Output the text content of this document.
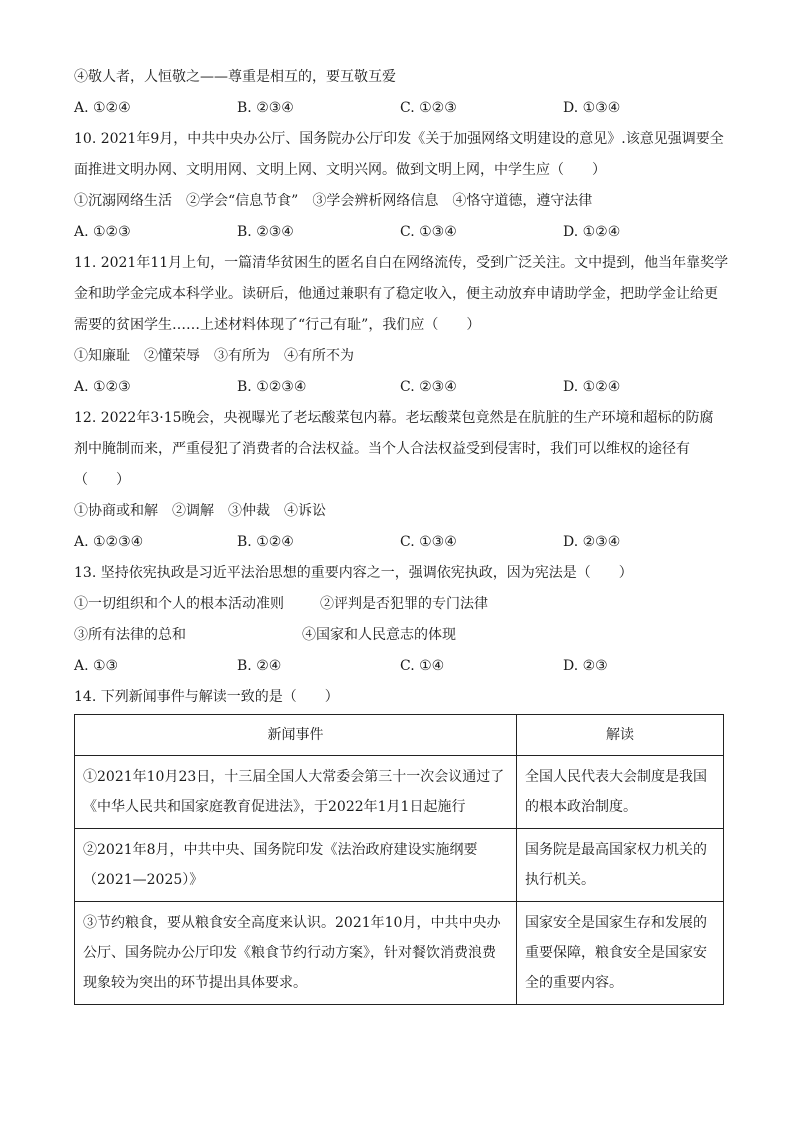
④敬人者，人恒敬之——尊重是相互的，要互敬互爱
A. ①②④	B. ②③④	C. ①②③	D. ①③④
10. 2021年9月，中共中央办公厅、国务院办公厅印发《关于加强网络文明建设的意见》.该意见强调要全
面推进文明办网、文明用网、文明上网、文明兴网。做到文明上网，中学生应（　　）
①沉溺网络生活　②学会“信息节食”　③学会辨析网络信息　④恪守道德，遵守法律
A. ①②③	B. ②③④	C. ①③④	D. ①②④
11. 2021年11月上旬，一篇清华贫困生的匿名自白在网络流传，受到广泛关注。文中提到，他当年靠奖学
金和助学金完成本科学业。读研后，他通过兼职有了稳定收入，便主动放弃申请助学金，把助学金让给更
需要的贫困学生……上述材料体现了“行己有耻”，我们应（　　）
①知廉耻　②懂荣辱　③有所为　④有所不为
A. ①②③	B. ①②③④	C. ②③④	D. ①②④
12. 2022年3·15晚会，央视曝光了老坛酸菜包内幕。老坛酸菜包竟然是在肮脏的生产环境和超标的防腐
剂中腌制而来，严重侵犯了消费者的合法权益。当个人合法权益受到侵害时，我们可以维权的途径有
（　　）
①协商或和解　②调解　③仲裁　④诉讼
A. ①②③④	B. ①②④	C. ①③④	D. ②③④
13. 坚持依宪执政是习近平法治思想的重要内容之一，强调依宪执政，因为宪法是（　　）
①一切组织和个人的根本活动准则	②评判是否犯罪的专门法律
③所有法律的总和	④国家和人民意志的体现
A. ①③	B. ②④	C. ①④	D. ②③
14. 下列新闻事件与解读一致的是（　　）
新闻事件	解读
①2021年10月23日，十三届全国人大常委会第三十一次会议通过了《中华人民共和国家庭教育促进法》，于2022年1月1日起施行	全国人民代表大会制度是我国的根本政治制度。
②2021年8月，中共中央、国务院印发《法治政府建设实施纲要（2021—2025）》	国务院是最高国家权力机关的执行机关。
③节约粮食，要从粮食安全高度来认识。2021年10月，中共中央办公厅、国务院办公厅印发《粮食节约行动方案》，针对餐饮消费浪费现象较为突出的环节提出具体要求。	国家安全是国家生存和发展的重要保障，粮食安全是国家安全的重要内容。
